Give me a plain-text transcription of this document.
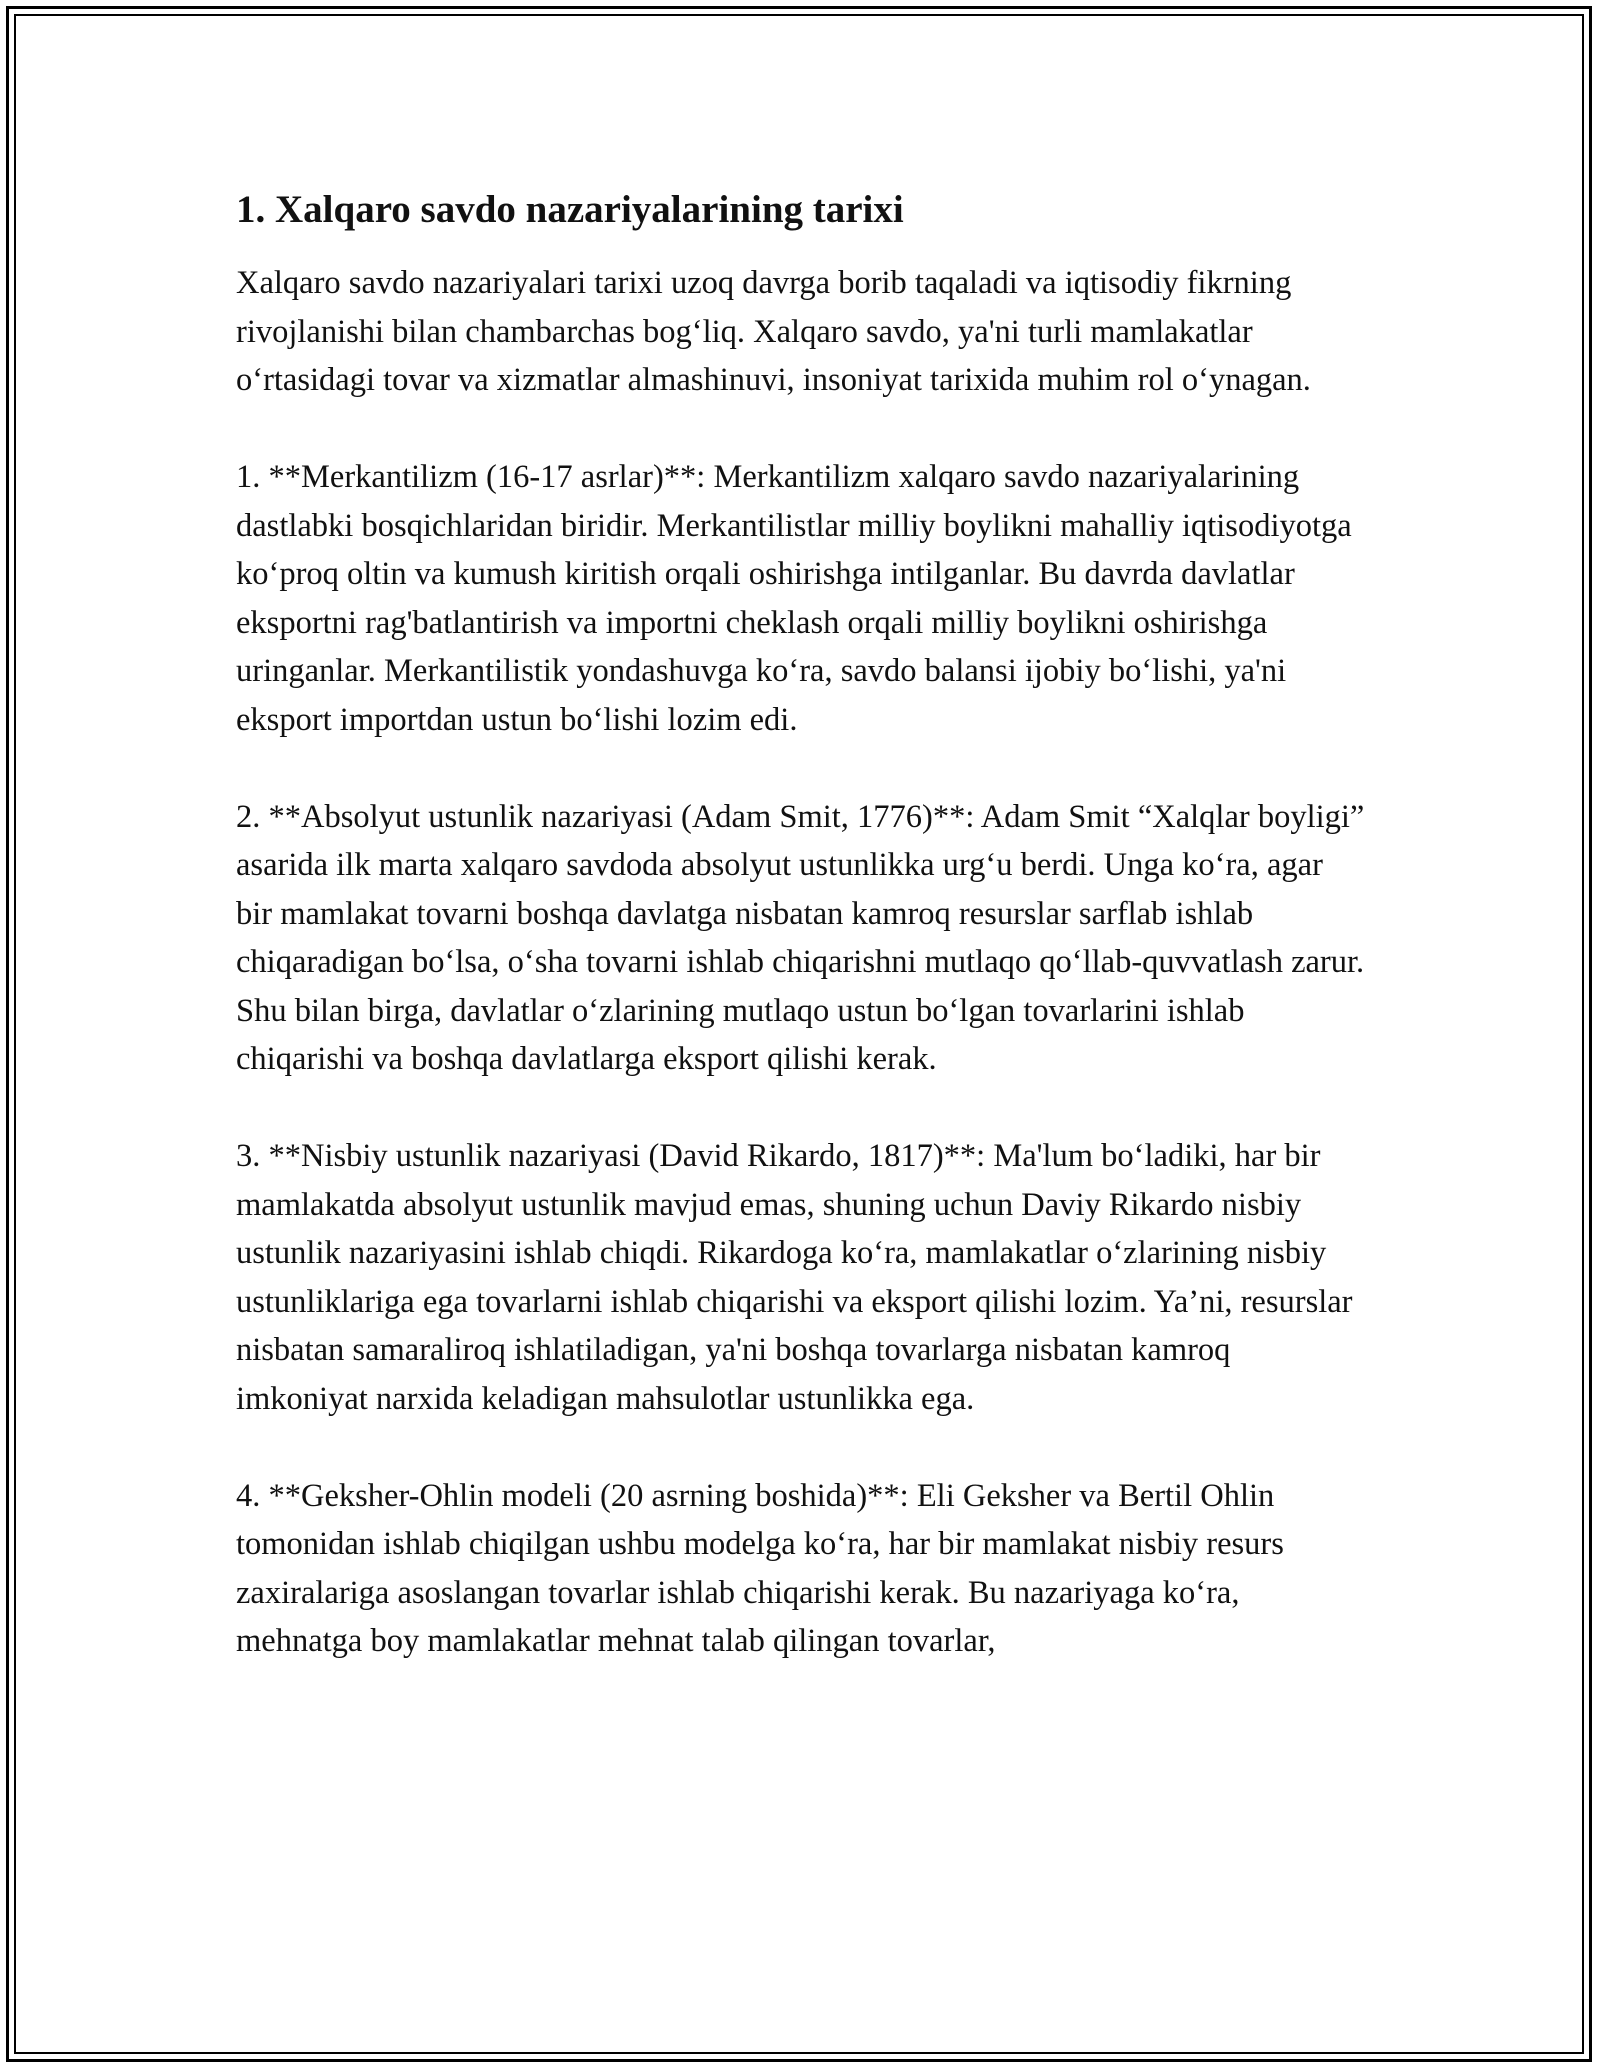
1. Xalqaro savdo nazariyalarining tarixi

Xalqaro savdo nazariyalari tarixi uzoq davrga borib taqaladi va iqtisodiy fikrning rivojlanishi bilan chambarchas bog‘liq. Xalqaro savdo, ya'ni turli mamlakatlar o‘rtasidagi tovar va xizmatlar almashinuvi, insoniyat tarixida muhim rol o‘ynagan.

1. **Merkantilizm (16-17 asrlar)**: Merkantilizm xalqaro savdo nazariyalarining dastlabki bosqichlaridan biridir. Merkantilistlar milliy boylikni mahalliy iqtisodiyotga ko‘proq oltin va kumush kiritish orqali oshirishga intilganlar. Bu davrda davlatlar eksportni rag'batlantirish va importni cheklash orqali milliy boylikni oshirishga uringanlar. Merkantilistik yondashuvga ko‘ra, savdo balansi ijobiy bo‘lishi, ya'ni eksport importdan ustun bo‘lishi lozim edi.

2. **Absolyut ustunlik nazariyasi (Adam Smit, 1776)**: Adam Smit “Xalqlar boyligi” asarida ilk marta xalqaro savdoda absolyut ustunlikka urg‘u berdi. Unga ko‘ra, agar bir mamlakat tovarni boshqa davlatga nisbatan kamroq resurslar sarflab ishlab chiqaradigan bo‘lsa, o‘sha tovarni ishlab chiqarishni mutlaqo qo‘llab-quvvatlash zarur. Shu bilan birga, davlatlar o‘zlarining mutlaqo ustun bo‘lgan tovarlarini ishlab chiqarishi va boshqa davlatlarga eksport qilishi kerak.

3. **Nisbiy ustunlik nazariyasi (David Rikardo, 1817)**: Ma'lum bo‘ladiki, har bir mamlakatda absolyut ustunlik mavjud emas, shuning uchun Daviy Rikardo nisbiy ustunlik nazariyasini ishlab chiqdi. Rikardoga ko‘ra, mamlakatlar o‘zlarining nisbiy ustunliklariga ega tovarlarni ishlab chiqarishi va eksport qilishi lozim. Ya’ni, resurslar nisbatan samaraliroq ishlatiladigan, ya'ni boshqa tovarlarga nisbatan kamroq imkoniyat narxida keladigan mahsulotlar ustunlikka ega.

4. **Geksher-Ohlin modeli (20 asrning boshida)**: Eli Geksher va Bertil Ohlin tomonidan ishlab chiqilgan ushbu modelga ko‘ra, har bir mamlakat nisbiy resurs zaxiralariga asoslangan tovarlar ishlab chiqarishi kerak. Bu nazariyaga ko‘ra, mehnatga boy mamlakatlar mehnat talab qilingan tovarlar,
